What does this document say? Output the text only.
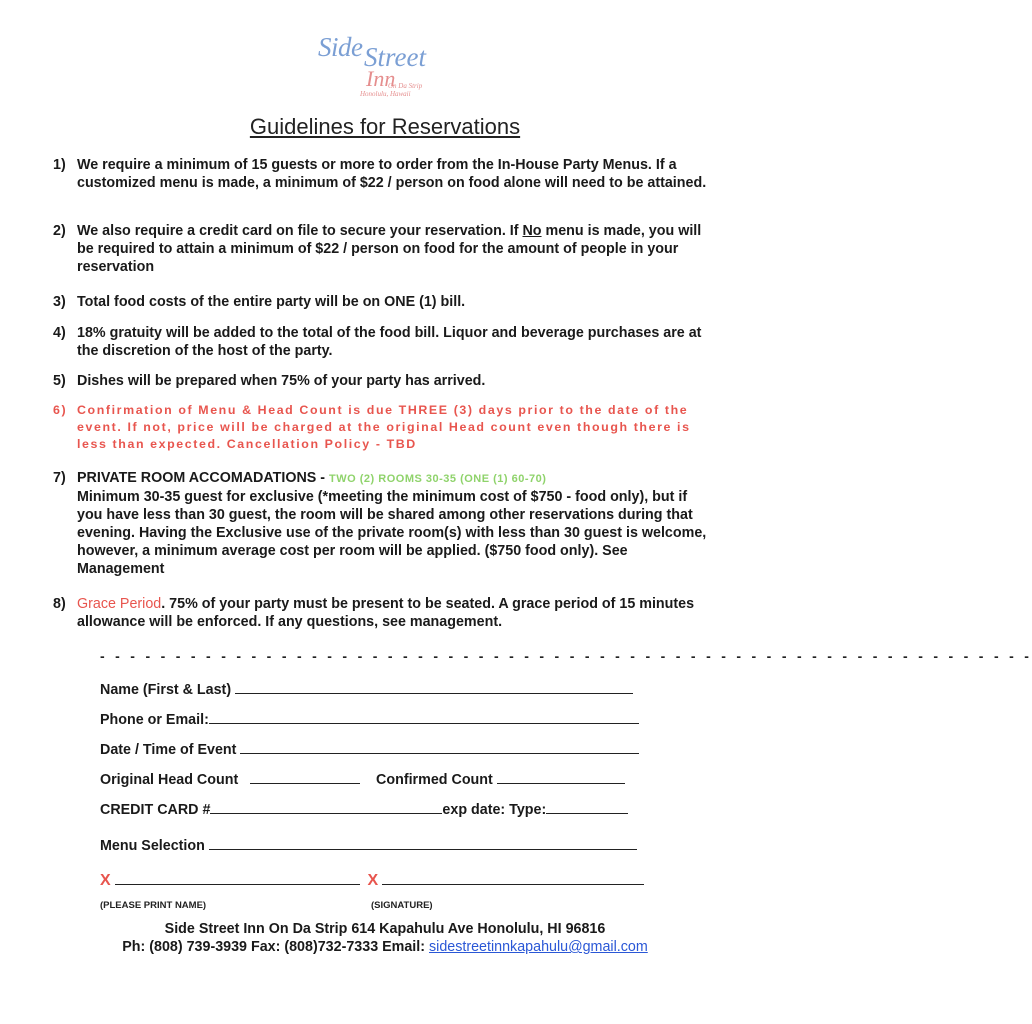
Side Street
Inn
On Da Strip
Honolulu, Hawaii
Guidelines for Reservations
1) We require a minimum of 15 guests or more to order from the In-House Party Menus. If a customized menu is made, a minimum of $22 / person on food alone will need to be attained.
2) We also require a credit card on file to secure your reservation. If No menu is made, you will be required to attain a minimum of $22 / person on food for the amount of people in your reservation
3) Total food costs of the entire party will be on ONE (1) bill.
4) 18% gratuity will be added to the total of the food bill. Liquor and beverage purchases are at the discretion of the host of the party.
5) Dishes will be prepared when 75% of your party has arrived.
6) Confirmation of Menu & Head Count is due THREE (3) days prior to the date of the event. If not, price will be charged at the original Head count even though there is less than expected. Cancellation Policy - TBD
7) PRIVATE ROOM ACCOMADATIONS - TWO (2) ROOMS 30-35 (ONE (1) 60-70)
Minimum 30-35 guest for exclusive (*meeting the minimum cost of $750 - food only), but if you have less than 30 guest, the room will be shared among other reservations during that evening. Having the Exclusive use of the private room(s) with less than 30 guest is welcome, however, a minimum average cost per room will be applied. ($750 food only). See Management
8) Grace Period. 75% of your party must be present to be seated. A grace period of 15 minutes allowance will be enforced. If any questions, see management.
- - - - - - - - - - - - - - - - - - - - - - - - - - - - - - - - - - - - - - - - - - - - - - - - - - - - - - - - - - - - - -
Name (First & Last)
Phone or Email:
Date / Time of Event
Original Head Count	Confirmed Count
CREDIT CARD #	exp date: Type:
Menu Selection
X	X
(PLEASE PRINT NAME)	(SIGNATURE)
Side Street Inn On Da Strip 614 Kapahulu Ave Honolulu, HI 96816
Ph: (808) 739-3939 Fax: (808)732-7333 Email: sidestreetinnkapahulu@gmail.com
